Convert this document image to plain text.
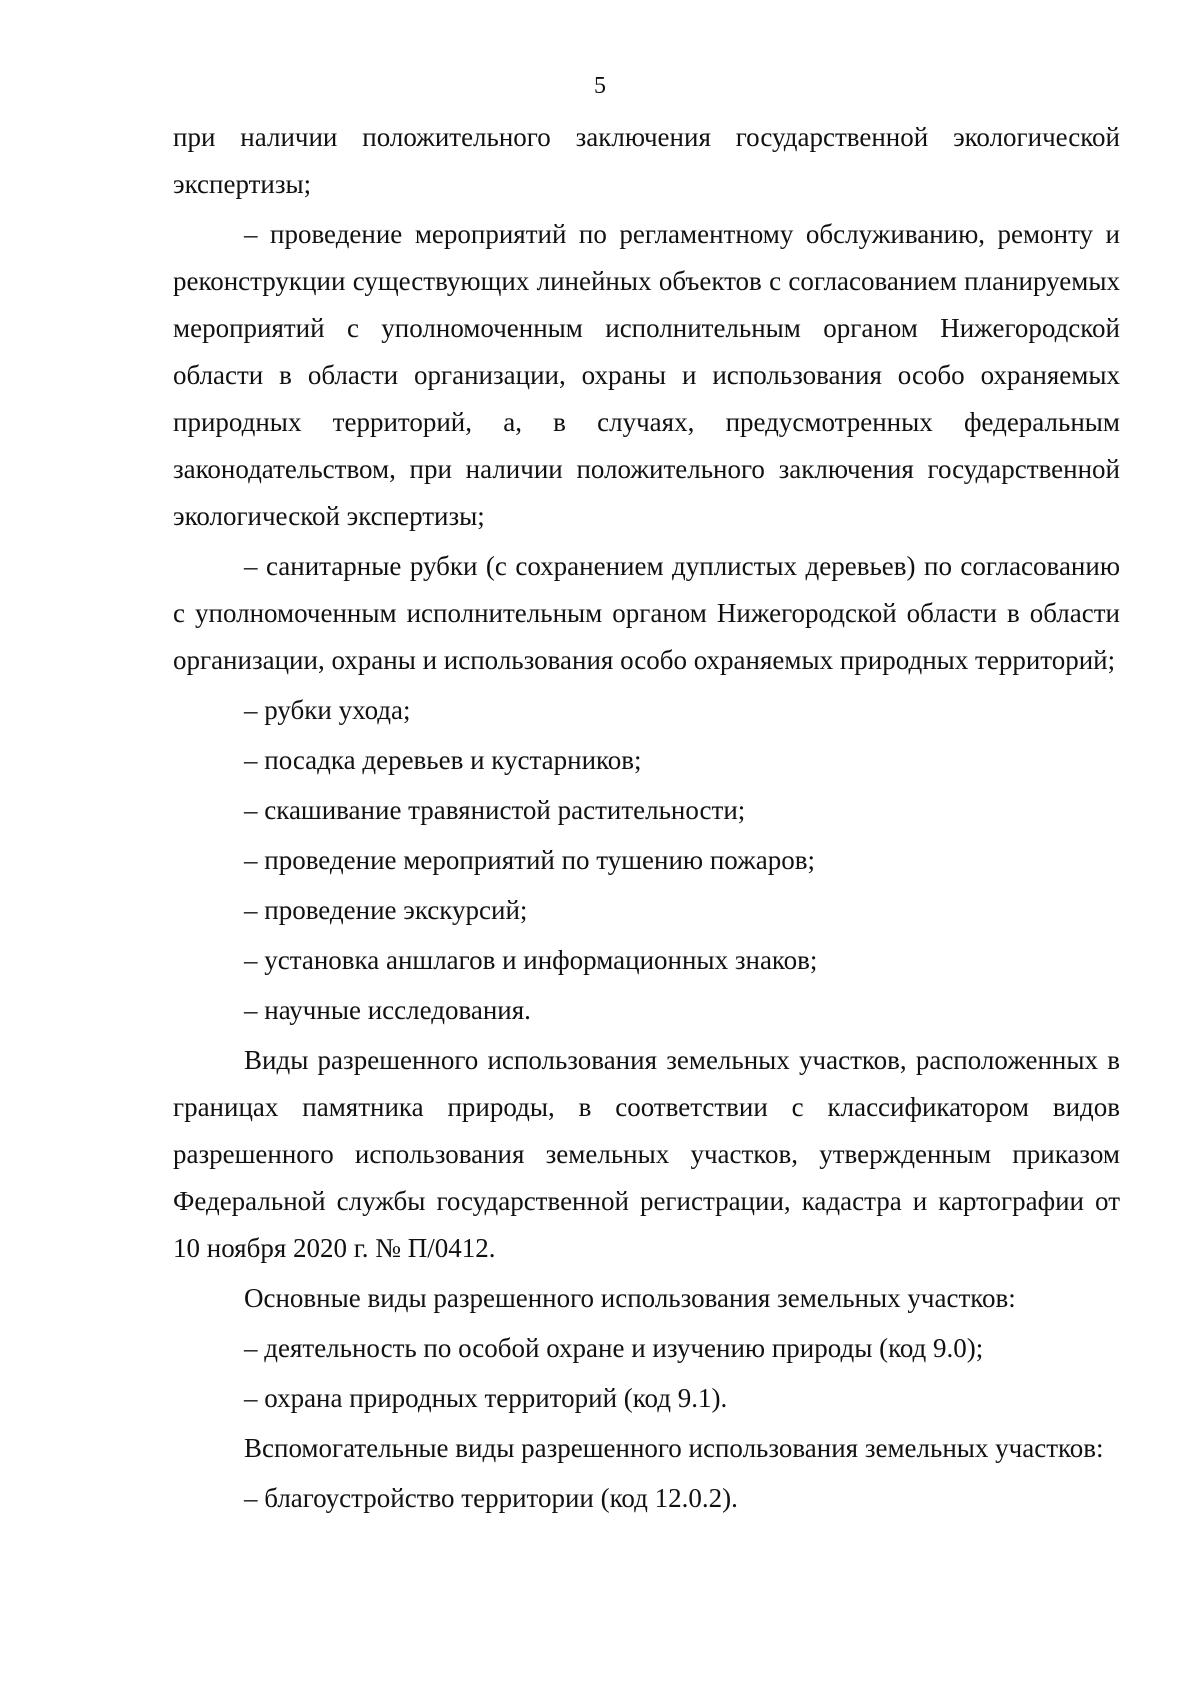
5

при наличии положительного заключения государственной экологической экспертизы;

– проведение мероприятий по регламентному обслуживанию, ремонту и реконструкции существующих линейных объектов с согласованием планируемых мероприятий с уполномоченным исполнительным органом Нижегородской области в области организации, охраны и использования особо охраняемых природных территорий, а, в случаях, предусмотренных федеральным законодательством, при наличии положительного заключения государственной экологической экспертизы;

– санитарные рубки (с сохранением дуплистых деревьев) по согласованию с уполномоченным исполнительным органом Нижегородской области в области организации, охраны и использования особо охраняемых природных территорий;

– рубки ухода;

– посадка деревьев и кустарников;

– скашивание травянистой растительности;

– проведение мероприятий по тушению пожаров;

– проведение экскурсий;

– установка аншлагов и информационных знаков;

– научные исследования.

Виды разрешенного использования земельных участков, расположенных в границах памятника природы, в соответствии с классификатором видов разрешенного использования земельных участков, утвержденным приказом Федеральной службы государственной регистрации, кадастра и картографии от 10 ноября 2020 г. № П/0412.

Основные виды разрешенного использования земельных участков:

– деятельность по особой охране и изучению природы (код 9.0);

– охрана природных территорий (код 9.1).

Вспомогательные виды разрешенного использования земельных участков:

– благоустройство территории (код 12.0.2).
